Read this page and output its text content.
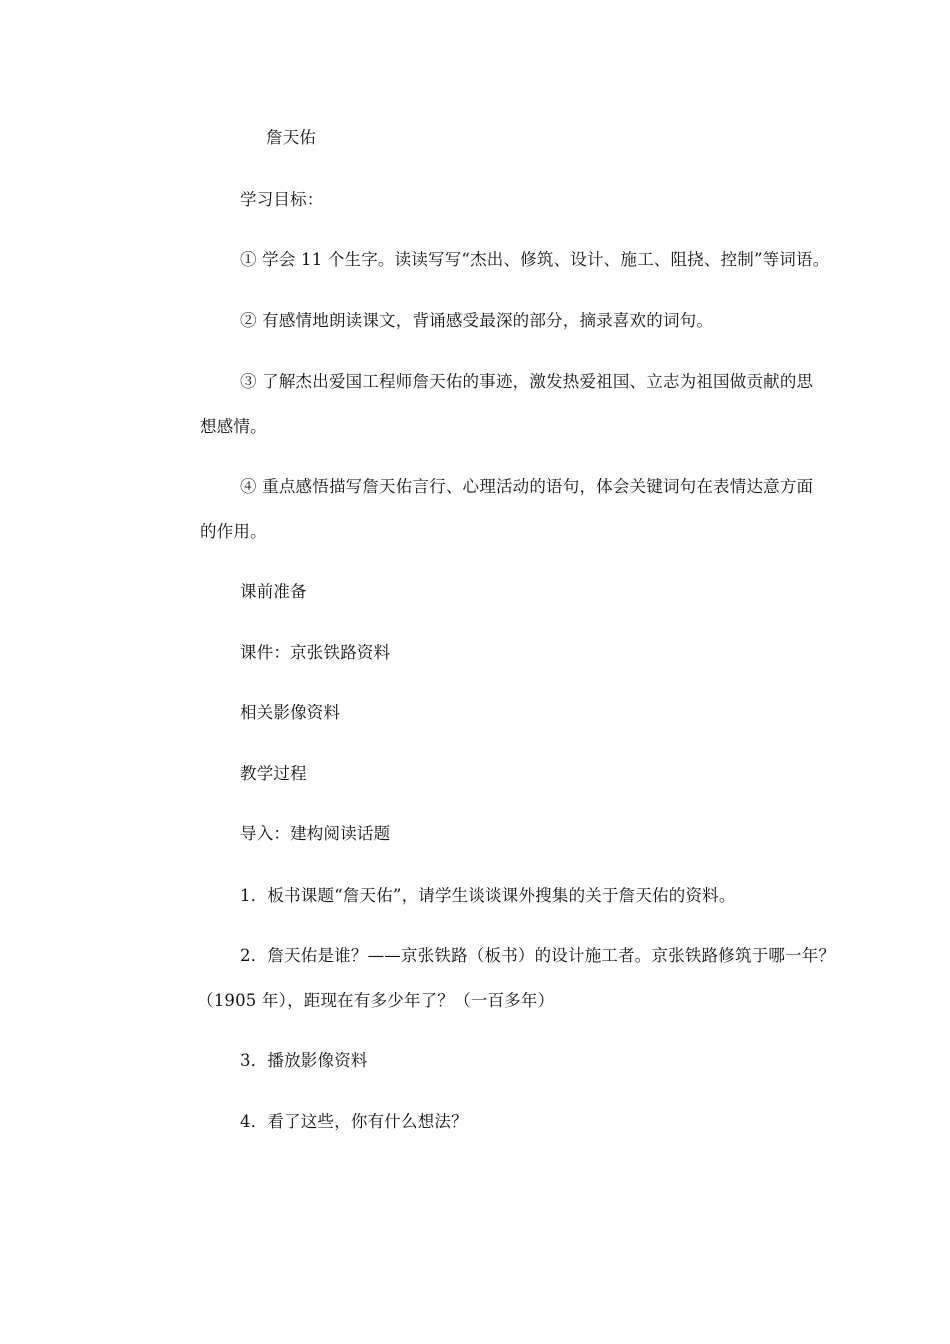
詹天佑
学习目标：
① 学会 11 个生字。读读写写“杰出、修筑、设计、施工、阻挠、控制”等词语。
② 有感情地朗读课文，背诵感受最深的部分，摘录喜欢的词句。
③ 了解杰出爱国工程师詹天佑的事迹，激发热爱祖国、立志为祖国做贡献的思
想感情。
④ 重点感悟描写詹天佑言行、心理活动的语句，体会关键词句在表情达意方面
的作用。
课前准备
课件：京张铁路资料
相关影像资料
教学过程
导入：建构阅读话题
1．板书课题“詹天佑”，请学生谈谈课外搜集的关于詹天佑的资料。
2．詹天佑是谁？——京张铁路（板书）的设计施工者。京张铁路修筑于哪一年？
（1905 年），距现在有多少年了？（一百多年）
3．播放影像资料
4．看了这些，你有什么想法？
